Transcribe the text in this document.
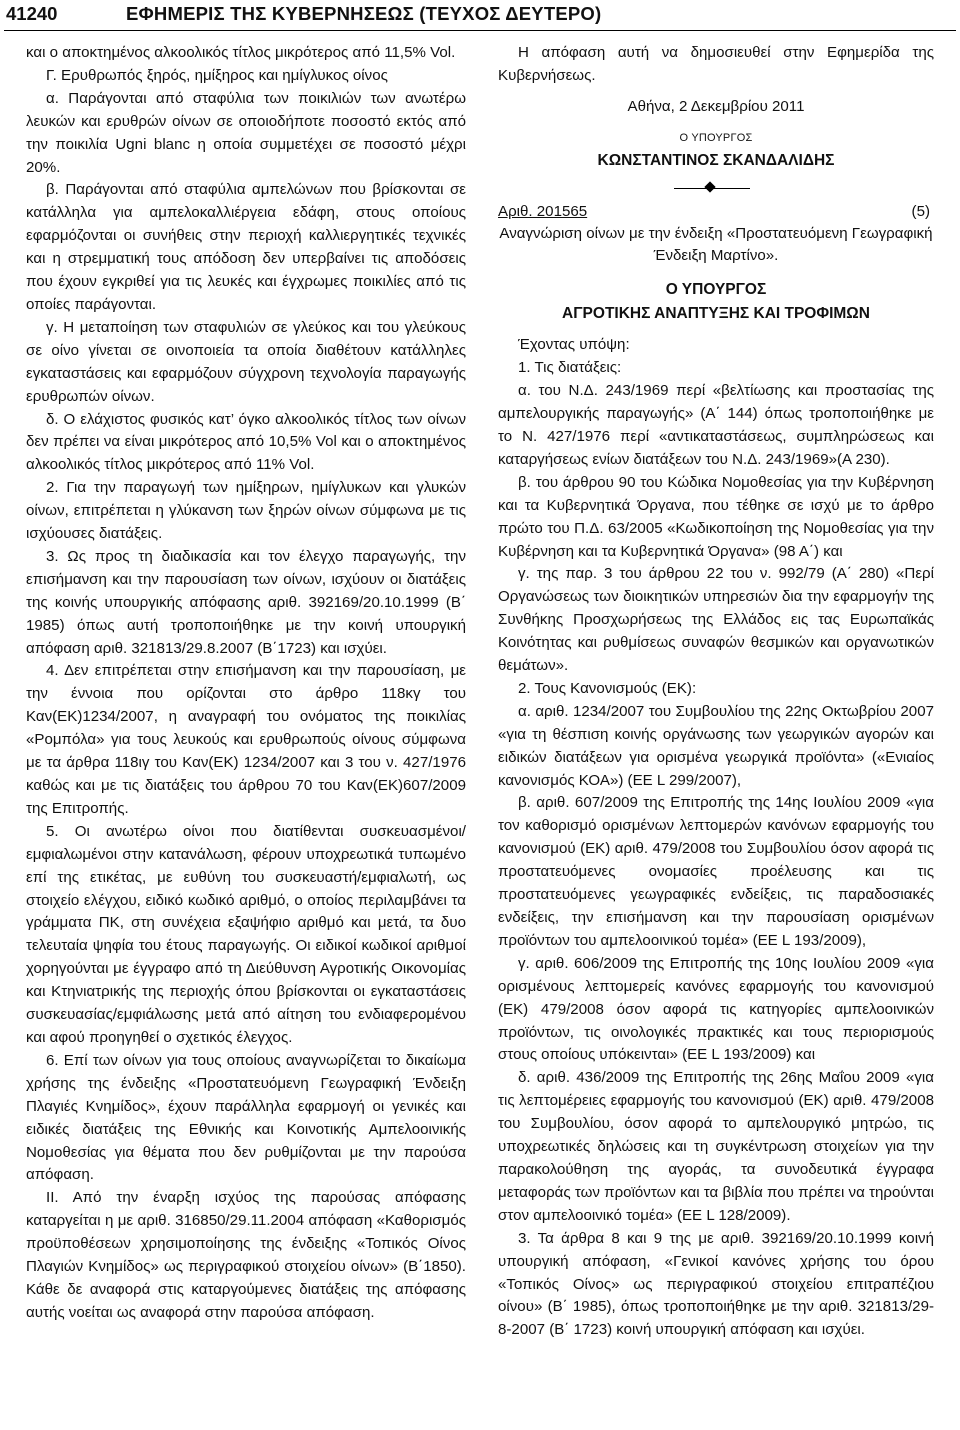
41240	ΕΦΗΜΕΡΙΣ ΤΗΣ ΚΥΒΕΡΝΗΣΕΩΣ (ΤΕΥΧΟΣ ΔΕΥΤΕΡΟ)
και ο αποκτημένος αλκοολικός τίτλος μικρότερος από 11,5% Vol.
Γ. Ερυθρωπός ξηρός, ημίξηρος και ημίγλυκος οίνος
α. Παράγονται από σταφύλια των ποικιλιών των ανωτέρω λευκών και ερυθρών οίνων σε οποιοδήποτε ποσοστό εκτός από την ποικιλία Ugni blanc η οποία συμμετέχει σε ποσοστό μέχρι 20%.
β. Παράγονται από σταφύλια αμπελώνων που βρίσκονται σε κατάλληλα για αμπελοκαλλιέργεια εδάφη, στους οποίους εφαρμόζονται οι συνήθεις στην περιοχή καλλιεργητικές τεχνικές και η στρεμματική τους απόδοση δεν υπερβαίνει τις αποδόσεις που έχουν εγκριθεί για τις λευκές και έγχρωμες ποικιλίες από τις οποίες παράγονται.
γ. Η μεταποίηση των σταφυλιών σε γλεύκος και του γλεύκους σε οίνο γίνεται σε οινοποιεία τα οποία διαθέτουν κατάλληλες εγκαταστάσεις και εφαρμόζουν σύγχρονη τεχνολογία παραγωγής ερυθρωπών οίνων.
δ. Ο ελάχιστος φυσικός κατ’ όγκο αλκοολικός τίτλος των οίνων δεν πρέπει να είναι μικρότερος από 10,5% Vol και ο αποκτημένος αλκοολικός τίτλος μικρότερος από 11% Vol.
2. Για την παραγωγή των ημίξηρων, ημίγλυκων και γλυκών οίνων, επιτρέπεται η γλύκανση των ξηρών οίνων σύμφωνα με τις ισχύουσες διατάξεις.
3. Ως προς τη διαδικασία και τον έλεγχο παραγωγής, την επισήμανση και την παρουσίαση των οίνων, ισχύουν οι διατάξεις της κοινής υπουργικής απόφασης αριθ. 392169/20.10.1999 (Β΄ 1985) όπως αυτή τροποποιήθηκε με την κοινή υπουργική απόφαση αριθ. 321813/29.8.2007 (Β΄1723) και ισχύει.
4. Δεν επιτρέπεται στην επισήμανση και την παρουσίαση, με την έννοια που ορίζονται στο άρθρο 118κγ του Καν(ΕΚ)1234/2007, η αναγραφή του ονόματος της ποικιλίας «Ρομπόλα» για τους λευκούς και ερυθρωπούς οίνους σύμφωνα με τα άρθρα 118ιγ του Καν(ΕΚ) 1234/2007 και 3 του ν. 427/1976 καθώς και με τις διατάξεις του άρθρου 70 του Καν(ΕΚ)607/2009 της Επιτροπής.
5. Οι ανωτέρω οίνοι που διατίθενται συσκευασμένοι/εμφιαλωμένοι στην κατανάλωση, φέρουν υποχρεωτικά τυπωμένο επί της ετικέτας, με ευθύνη του συσκευαστή/εμφιαλωτή, ως στοιχείο ελέγχου, ειδικό κωδικό αριθμό, ο οποίος περιλαμβάνει τα γράμματα ΠΚ, στη συνέχεια εξαψήφιο αριθμό και μετά, τα δυο τελευταία ψηφία του έτους παραγωγής. Οι ειδικοί κωδικοί αριθμοί χορηγούνται με έγγραφο από τη Διεύθυνση Αγροτικής Οικονομίας και Κτηνιατρικής της περιοχής όπου βρίσκονται οι εγκαταστάσεις συσκευασίας/εμφιάλωσης μετά από αίτηση του ενδιαφερομένου και αφού προηγηθεί ο σχετικός έλεγχος.
6. Επί των οίνων για τους οποίους αναγνωρίζεται το δικαίωμα χρήσης της ένδειξης «Προστατευόμενη Γεωγραφική Ένδειξη Πλαγιές Κνημίδος», έχουν παράλληλα εφαρμογή οι γενικές και ειδικές διατάξεις της Εθνικής και Κοινοτικής Αμπελοοινικής Νομοθεσίας για θέματα που δεν ρυθμίζονται με την παρούσα απόφαση.
ΙΙ. Από την έναρξη ισχύος της παρούσας απόφασης καταργείται η με αριθ. 316850/29.11.2004 απόφαση «Καθορισμός προϋποθέσεων χρησιμοποίησης της ένδειξης «Τοπικός Οίνος Πλαγιών Κνημίδος» ως περιγραφικού στοιχείου οίνων» (Β΄1850). Κάθε δε αναφορά στις καταργούμενες διατάξεις της απόφασης αυτής νοείται ως αναφορά στην παρούσα απόφαση.
Η απόφαση αυτή να δημοσιευθεί στην Εφημερίδα της Κυβερνήσεως.
Αθήνα, 2 Δεκεμβρίου 2011
Ο ΥΠΟΥΡΓΟΣ
ΚΩΝΣΤΑΝΤΙΝΟΣ ΣΚΑΝΔΑΛΙΔΗΣ
Αριθ. 201565	(5)
Αναγνώριση οίνων με την ένδειξη «Προστατευόμενη Γεωγραφική Ένδειξη Μαρτίνο».
Ο ΥΠΟΥΡΓΟΣ
ΑΓΡΟΤΙΚΗΣ ΑΝΑΠΤΥΞΗΣ ΚΑΙ ΤΡΟΦΙΜΩΝ
Έχοντας υπόψη:
1. Τις διατάξεις:
α. του Ν.Δ. 243/1969 περί «βελτίωσης και προστασίας της αμπελουργικής παραγωγής» (Α΄ 144) όπως τροποποιήθηκε με το Ν. 427/1976 περί «αντικαταστάσεως, συμπληρώσεως και καταργήσεως ενίων διατάξεων του Ν.Δ. 243/1969»(Α 230).
β. του άρθρου 90 του Κώδικα Νομοθεσίας για την Κυβέρνηση και τα Κυβερνητικά Όργανα, που τέθηκε σε ισχύ με το άρθρο πρώτο του Π.Δ. 63/2005 «Κωδικοποίηση της Νομοθεσίας για την Κυβέρνηση και τα Κυβερνητικά Όργανα» (98 Α΄) και
γ. της παρ. 3 του άρθρου 22 του ν. 992/79 (Α΄ 280) «Περί Οργανώσεως των διοικητικών υπηρεσιών δια την εφαρμογήν της Συνθήκης Προσχωρήσεως της Ελλάδος εις τας Ευρωπαϊκάς Κοινότητας και ρυθμίσεως συναφών θεσμικών και οργανωτικών θεμάτων».
2. Τους Κανονισμούς (ΕΚ):
α. αριθ. 1234/2007 του Συμβουλίου της 22ης Οκτωβρίου 2007 «για τη θέσπιση κοινής οργάνωσης των γεωργικών αγορών και ειδικών διατάξεων για ορισμένα γεωργικά προϊόντα» («Ενιαίος κανονισμός ΚΟΑ») (ΕΕ L 299/2007),
β. αριθ. 607/2009 της Επιτροπής της 14ης Ιουλίου 2009 «για τον καθορισμό ορισμένων λεπτομερών κανόνων εφαρμογής του κανονισμού (ΕΚ) αριθ. 479/2008 του Συμβουλίου όσον αφορά τις προστατευόμενες ονομασίες προέλευσης και τις προστατευόμενες γεωγραφικές ενδείξεις, τις παραδοσιακές ενδείξεις, την επισήμανση και την παρουσίαση ορισμένων προϊόντων του αμπελοοινικού τομέα» (ΕΕ L 193/2009),
γ. αριθ. 606/2009 της Επιτροπής της 10ης Ιουλίου 2009 «για ορισμένους λεπτομερείς κανόνες εφαρμογής του κανονισμού (ΕΚ) 479/2008 όσον αφορά τις κατηγορίες αμπελοοινικών προϊόντων, τις οινολογικές πρακτικές και τους περιορισμούς στους οποίους υπόκεινται» (ΕΕ L 193/2009) και
δ. αριθ. 436/2009 της Επιτροπής της 26ης Μαΐου 2009 «για τις λεπτομέρειες εφαρμογής του κανονισμού (ΕΚ) αριθ. 479/2008 του Συμβουλίου, όσον αφορά το αμπελουργικό μητρώο, τις υποχρεωτικές δηλώσεις και τη συγκέντρωση στοιχείων για την παρακολούθηση της αγοράς, τα συνοδευτικά έγγραφα μεταφοράς των προϊόντων και τα βιβλία που πρέπει να τηρούνται στον αμπελοοινικό τομέα» (ΕΕ L 128/2009).
3. Τα άρθρα 8 και 9 της με αριθ. 392169/20.10.1999 κοινή υπουργική απόφαση, «Γενικοί κανόνες χρήσης του όρου «Τοπικός Οίνος» ως περιγραφικού στοιχείου επιτραπέζιου οίνου» (Β΄ 1985), όπως τροποποιήθηκε με την αριθ. 321813/29-8-2007 (Β΄ 1723) κοινή υπουργική απόφαση και ισχύει.
